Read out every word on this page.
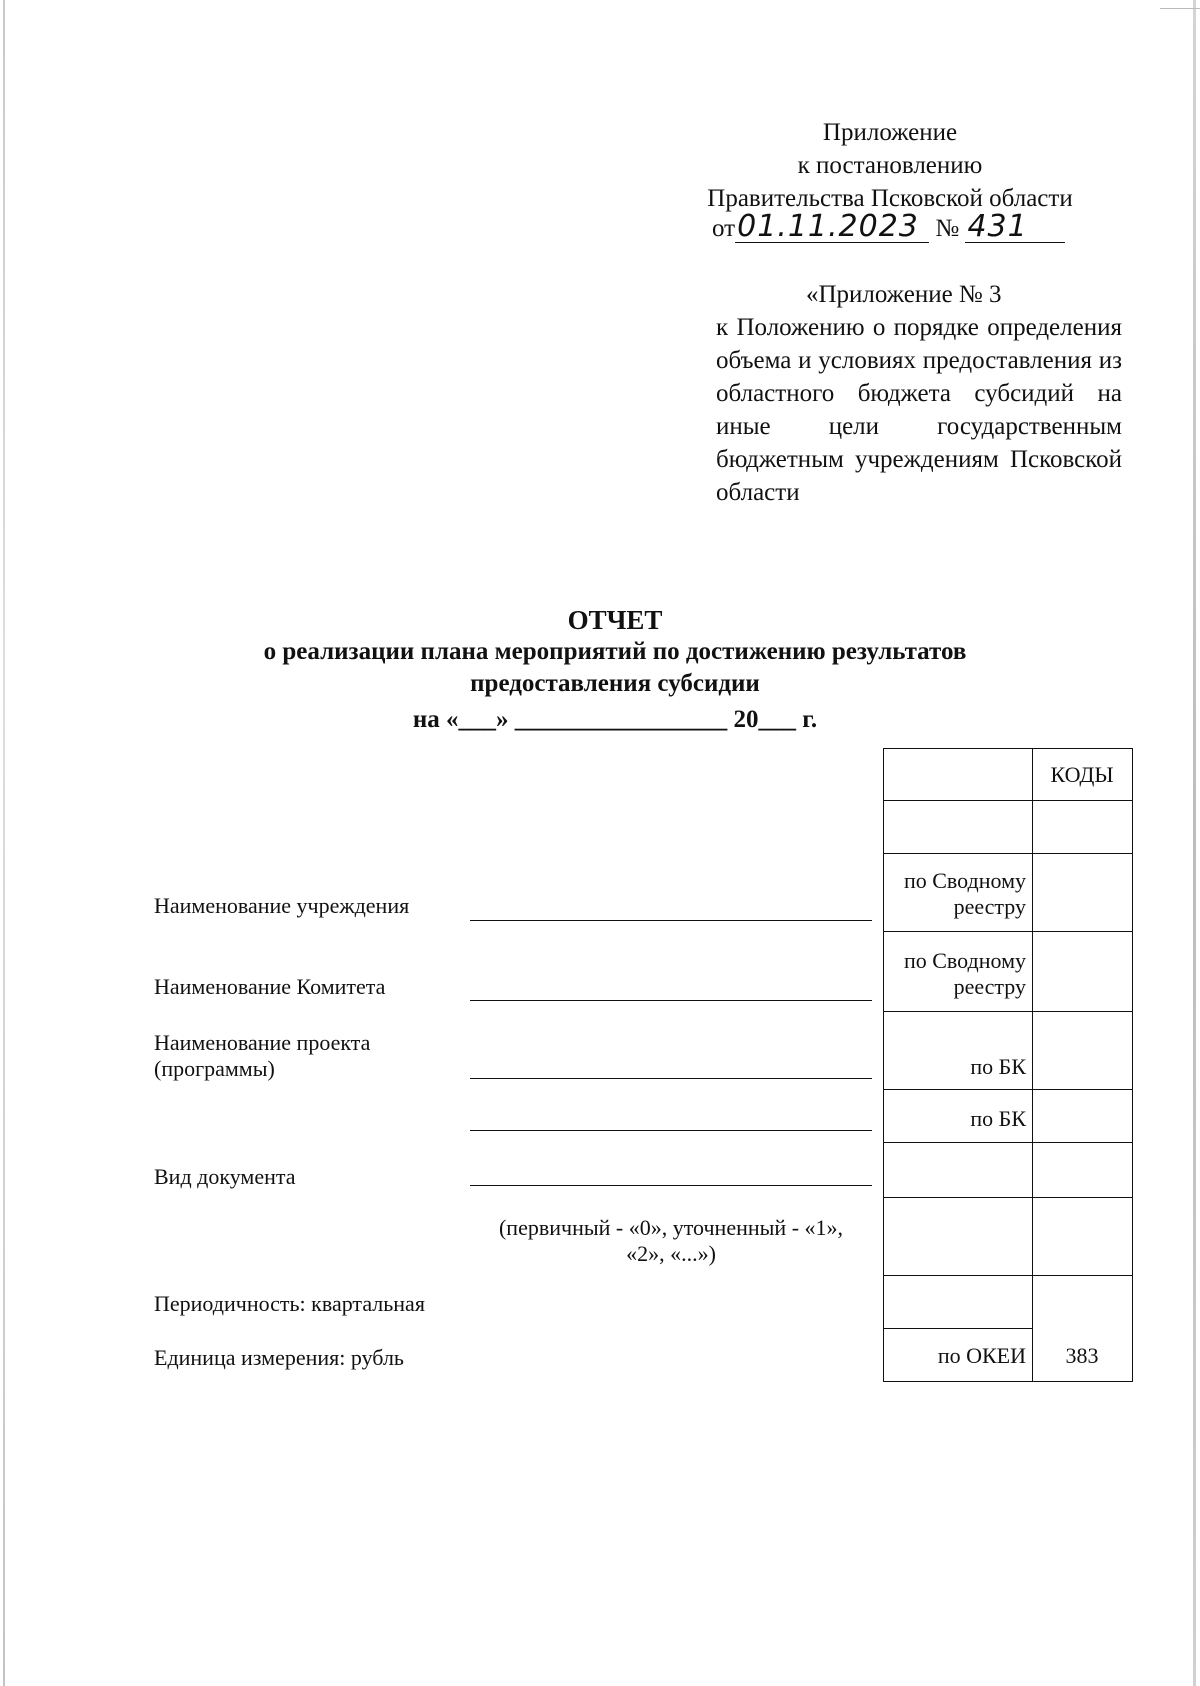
Приложение
к постановлению
Правительства Псковской области
от01.11.2023 № 431
«Приложение № 3
к Положению о порядке определения объема и условиях предоставления из областного бюджета субсидий на иные цели государственным бюджетным учреждениям Псковской области
ОТЧЕТ
о реализации плана мероприятий по достижению результатов
предоставления субсидии
на «___» _________________ 20___ г.
Наименование учреждения
Наименование Комитета
Наименование проекта
(программы)
Вид документа
Периодичность: квартальная
Единица измерения: рубль
(первичный - «0», уточненный - «1»,
«2», «...»)
КОДЫ
по Сводному
реестру
по Сводному
реестру
по БК
по БК
по ОКЕИ	383
